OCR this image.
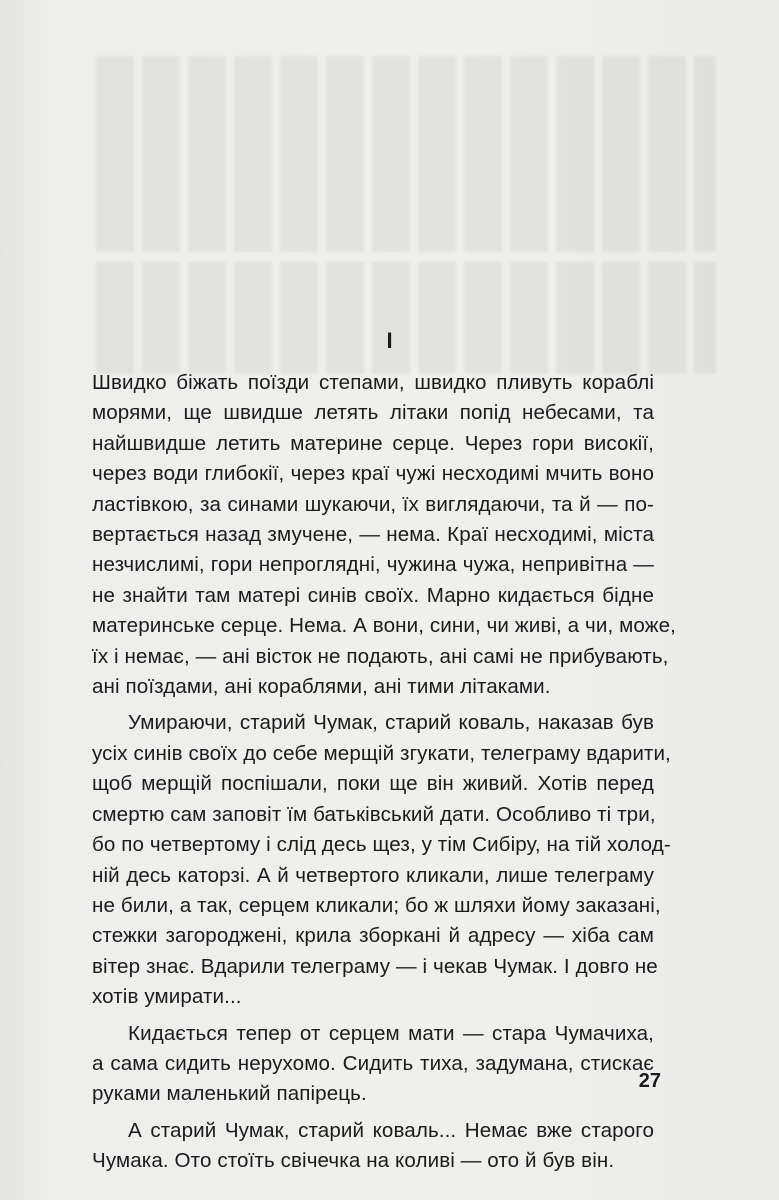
I

Швидко біжать поїзди степами, швидко пливуть кораблі
морями, ще швидше летять літаки попід небесами, та
найшвидше летить материне серце. Через гори високії,
через води глибокії, через краї чужі несходимі мчить воно
ластівкою, за синами шукаючи, їх виглядаючи, та й — по-
вертається назад змучене, — нема. Краї несходимі, міста
незчислимі, гори непроглядні, чужина чужа, непривітна —
не знайти там матері синів своїх. Марно кидається бідне
материнське серце. Нема. А вони, сини, чи живі, а чи, може,
їх і немає, — ані вісток не подають, ані самі не прибувають,
ані поїздами, ані кораблями, ані тими літаками.

Умираючи, старий Чумак, старий коваль, наказав був
усіх синів своїх до себе мерщій згукати, телеграму вдарити,
щоб мерщій поспішали, поки ще він живий. Хотів перед
смертю сам заповіт їм батьківський дати. Особливо ті три,
бо по четвертому і слід десь щез, у тім Сибіру, на тій холод-
ній десь каторзі. А й четвертого кликали, лише телеграму
не били, а так, серцем кликали; бо ж шляхи йому заказані,
стежки загороджені, крила зборкані й адресу — хіба сам
вітер знає. Вдарили телеграму — і чекав Чумак. І довго не
хотів умирати...

Кидається тепер от серцем мати — стара Чумачиха,
а сама сидить нерухомо. Сидить тиха, задумана, стискає
руками маленький папірець.

А старий Чумак, старий коваль... Немає вже старого
Чумака. Ото стоїть свічечка на коливі — ото й був він.

27
